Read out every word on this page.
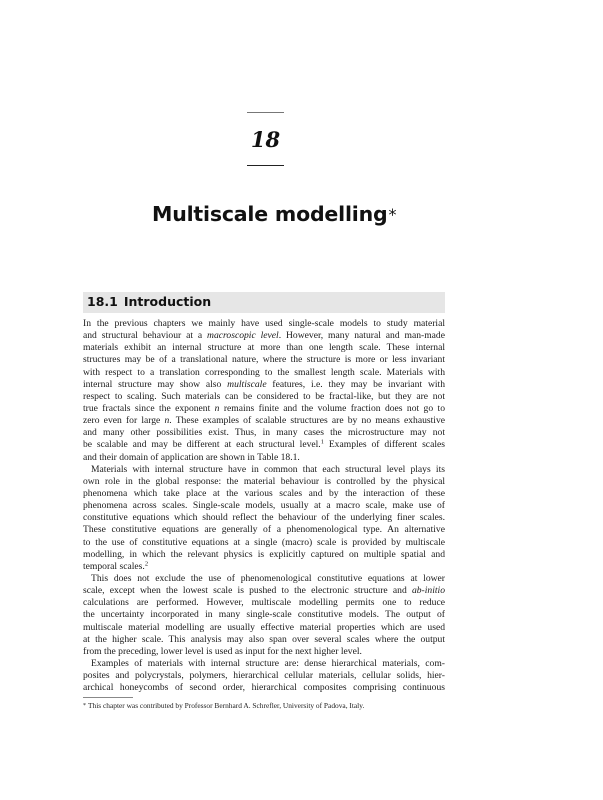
18
Multiscale modelling*
18.1 Introduction
In the previous chapters we mainly have used single-scale models to study material
and structural behaviour at a macroscopic level. However, many natural and man-made
materials exhibit an internal structure at more than one length scale. These internal
structures may be of a translational nature, where the structure is more or less invariant
with respect to a translation corresponding to the smallest length scale. Materials with
internal structure may show also multiscale features, i.e. they may be invariant with
respect to scaling. Such materials can be considered to be fractal-like, but they are not
true fractals since the exponent n remains finite and the volume fraction does not go to
zero even for large n. These examples of scalable structures are by no means exhaustive
and many other possibilities exist. Thus, in many cases the microstructure may not
be scalable and may be different at each structural level.$^1$ Examples of different scales
and their domain of application are shown in Table 18.1.
Materials with internal structure have in common that each structural level plays its
own role in the global response: the material behaviour is controlled by the physical
phenomena which take place at the various scales and by the interaction of these
phenomena across scales. Single-scale models, usually at a macro scale, make use of
constitutive equations which should reflect the behaviour of the underlying finer scales.
These constitutive equations are generally of a phenomenological type. An alternative
to the use of constitutive equations at a single (macro) scale is provided by multiscale
modelling, in which the relevant physics is explicitly captured on multiple spatial and
temporal scales.$^2$
This does not exclude the use of phenomenological constitutive equations at lower
scale, except when the lowest scale is pushed to the electronic structure and ab-initio
calculations are performed. However, multiscale modelling permits one to reduce
the uncertainty incorporated in many single-scale constitutive models. The output of
multiscale material modelling are usually effective material properties which are used
at the higher scale. This analysis may also span over several scales where the output
from the preceding, lower level is used as input for the next higher level.
Examples of materials with internal structure are: dense hierarchical materials, com-
posites and polycrystals, polymers, hierarchical cellular materials, cellular solids, hier-
archical honeycombs of second order, hierarchical composites comprising continuous
* This chapter was contributed by Professor Bernhard A. Schrefler, University of Padova, Italy.
